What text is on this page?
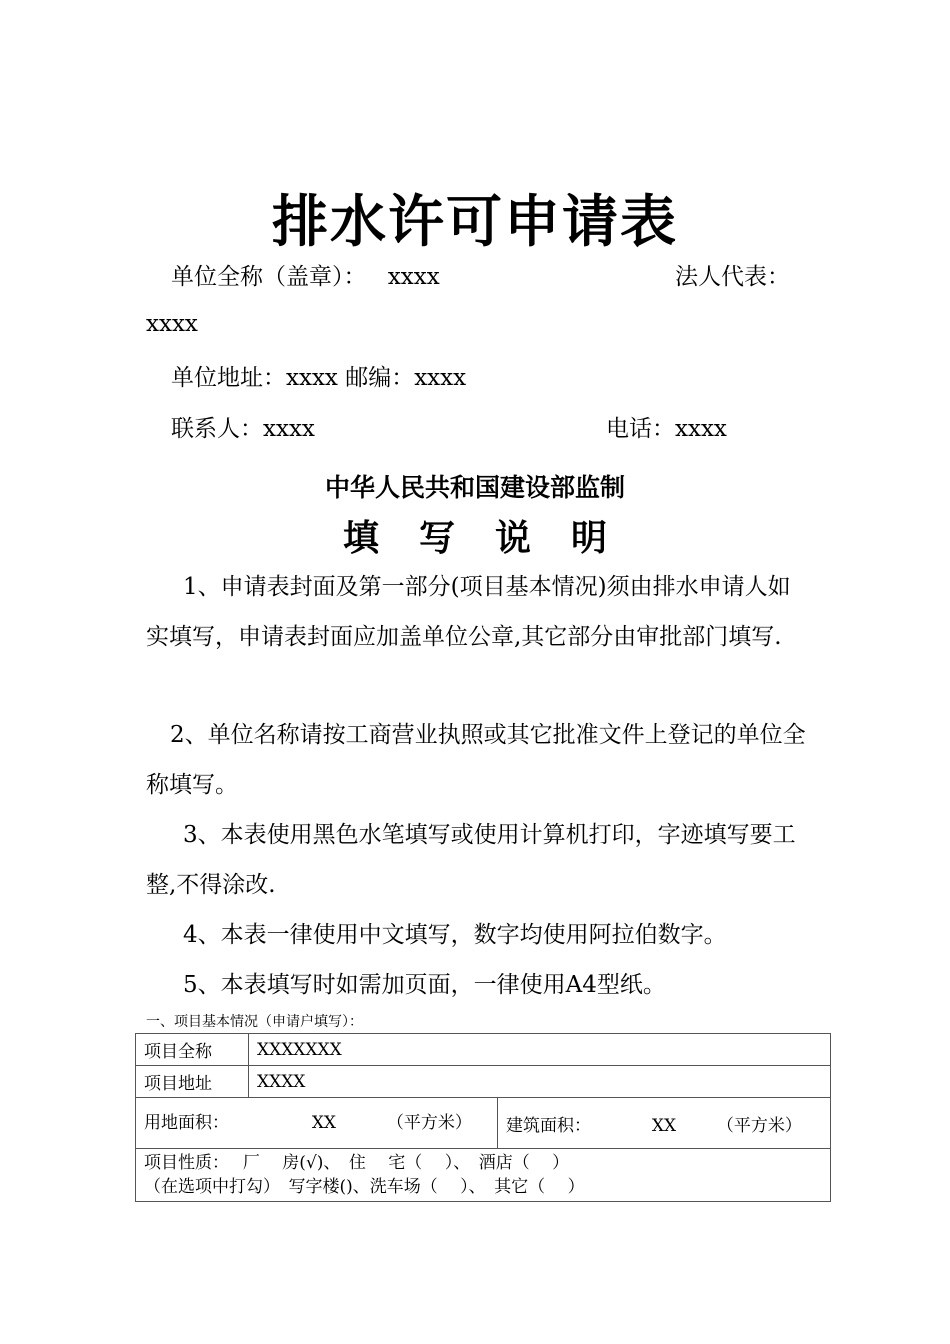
排水许可申请表
单位全称（盖章）： xxxx	法人代表：
xxxx
单位地址：xxxx 邮编：xxxx
联系人：xxxx	电话：xxxx
中华人民共和国建设部监制
填写说明
1、申请表封面及第一部分(项目基本情况)须由排水申请人如实填写，申请表封面应加盖单位公章,其它部分由审批部门填写.
2、单位名称请按工商营业执照或其它批准文件上登记的单位全称填写。
3、本表使用黑色水笔填写或使用计算机打印，字迹填写要工整,不得涂改.
4、本表一律使用中文填写，数字均使用阿拉伯数字。
5、本表填写时如需加页面，一律使用A4型纸。
一、项目基本情况（申请户填写）：
项目全称	XXXXXXX	
项目地址	XXXX	
用地面积： XX （平方米）		建筑面积： XX （平方米）

项目性质：　 厂　 房(√)、　住　 宅（　 ）、　酒店（　 ）
（在选项中打勾）　写字楼()、洗车场（　 ）、　其它（　 ）		
